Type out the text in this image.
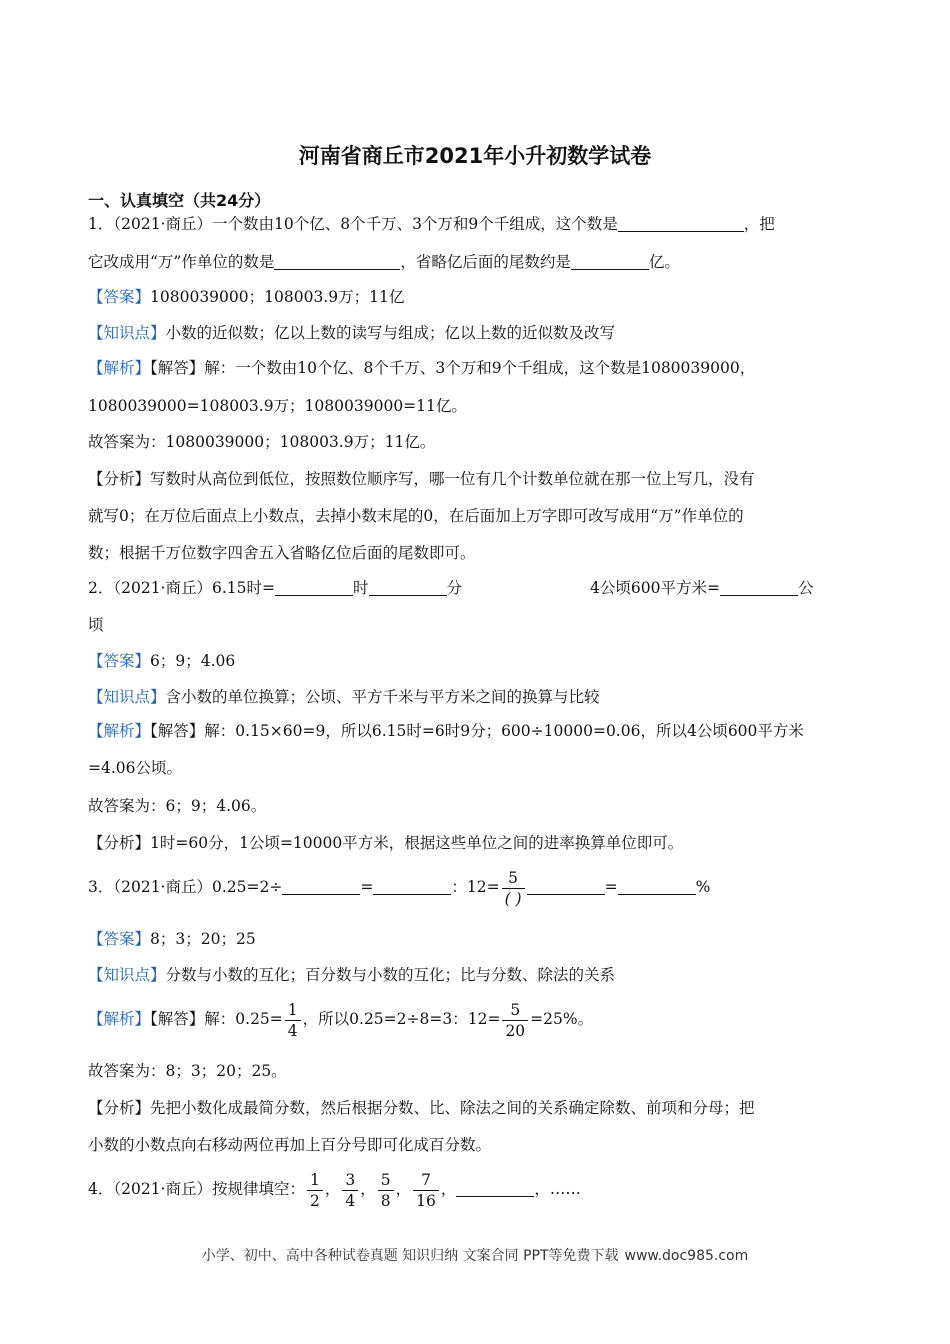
河南省商丘市2021年小升初数学试卷
一、认真填空（共24分）
1．（2021·商丘）一个数由10个亿、8个千万、3个万和9个千组成，这个数是	，把
它改成用“万”作单位的数是	，省略亿后面的尾数约是	亿。
【答案】1080039000；108003.9万；11亿
【知识点】小数的近似数；亿以上数的读写与组成；亿以上数的近似数及改写
【解析】【解答】解：一个数由10个亿、8个千万、3个万和9个千组成，这个数是1080039000，
1080039000=108003.9万；1080039000=11亿。
故答案为：1080039000；108003.9万；11亿。
【分析】写数时从高位到低位，按照数位顺序写，哪一位有几个计数单位就在那一位上写几，没有
就写0；在万位后面点上小数点，去掉小数末尾的0，在后面加上万字即可改写成用“万”作单位的
数；根据千万位数字四舍五入省略亿位后面的尾数即可。
2．（2021·商丘）6.15时=	时	分	4公顷600平方米=	公
顷
【答案】6；9；4.06
【知识点】含小数的单位换算；公顷、平方千米与平方米之间的换算与比较
【解析】【解答】解：0.15×60=9，所以6.15时=6时9分；600÷10000=0.06，所以4公顷600平方米
=4.06公顷。
故答案为：6；9；4.06。
【分析】1时=60分，1公顷=10000平方米，根据这些单位之间的进率换算单位即可。
3．（2021·商丘）0.25=2÷	=	：$12= \frac{5}{( )}$	=	%
【答案】8；3；20；25
【知识点】分数与小数的互化；百分数与小数的互化；比与分数、除法的关系
【解析】【解答】解：$0.25= \frac{1}{4}$ ，所以0.25=2÷8=3：$12= \frac{5}{20} =25\%$。
故答案为：8；3；20；25。
【分析】先把小数化成最简分数，然后根据分数、比、除法之间的关系确定除数、前项和分母；把
小数的小数点向右移动两位再加上百分号即可化成百分数。
4．（2021·商丘）按规律填空： $\frac{1}{2}$ ， $\frac{3}{4}$ ， $\frac{5}{8}$ ， $\frac{7}{16}$ ，	，……
小学、初中、高中各种试卷真题 知识归纳 文案合同 PPT等免费下载 www.doc985.com
